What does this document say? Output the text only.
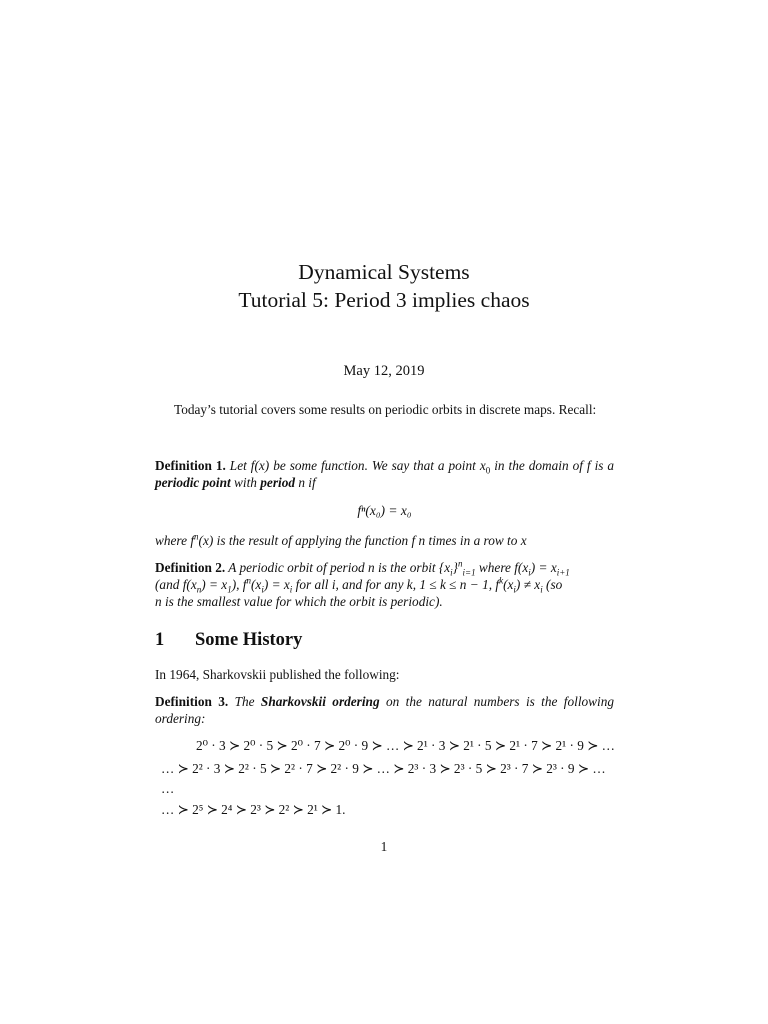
Dynamical Systems
Tutorial 5: Period 3 implies chaos
May 12, 2019

Today’s tutorial covers some results on periodic orbits in discrete maps. Recall:

Definition 1. Let f(x) be some function. We say that a point $x_0$ in the domain of f is a periodic point with period n if
fⁿ(x₀) = x₀
where $f^n(x)$ is the result of applying the function f n times in a row to x
Definition 2. A periodic orbit of period n is the orbit $\{x_i\}^n_{i=1}$ where $f(x_i) = x_{i+1}$
(and $f(x_n) = x_1$), $f^n(x_i) = x_i$ for all i, and for any k, 1 ≤ k ≤ n − 1, $f^k(x_i) \ne x_i$ (so
n is the smallest value for which the orbit is periodic).
1 Some History
In 1964, Sharkovskii published the following:
Definition 3. The Sharkovskii ordering on the natural numbers is the following ordering:
2⁰ · 3 ≻ 2⁰ · 5 ≻ 2⁰ · 7 ≻ 2⁰ · 9 ≻ … ≻ 2¹ · 3 ≻ 2¹ · 5 ≻ 2¹ · 7 ≻ 2¹ · 9 ≻ …
… ≻ 2² · 3 ≻ 2² · 5 ≻ 2² · 7 ≻ 2² · 9 ≻ … ≻ 2³ · 3 ≻ 2³ · 5 ≻ 2³ · 7 ≻ 2³ · 9 ≻ …
…
… ≻ 2⁵ ≻ 2⁴ ≻ 2³ ≻ 2² ≻ 2¹ ≻ 1.
1
